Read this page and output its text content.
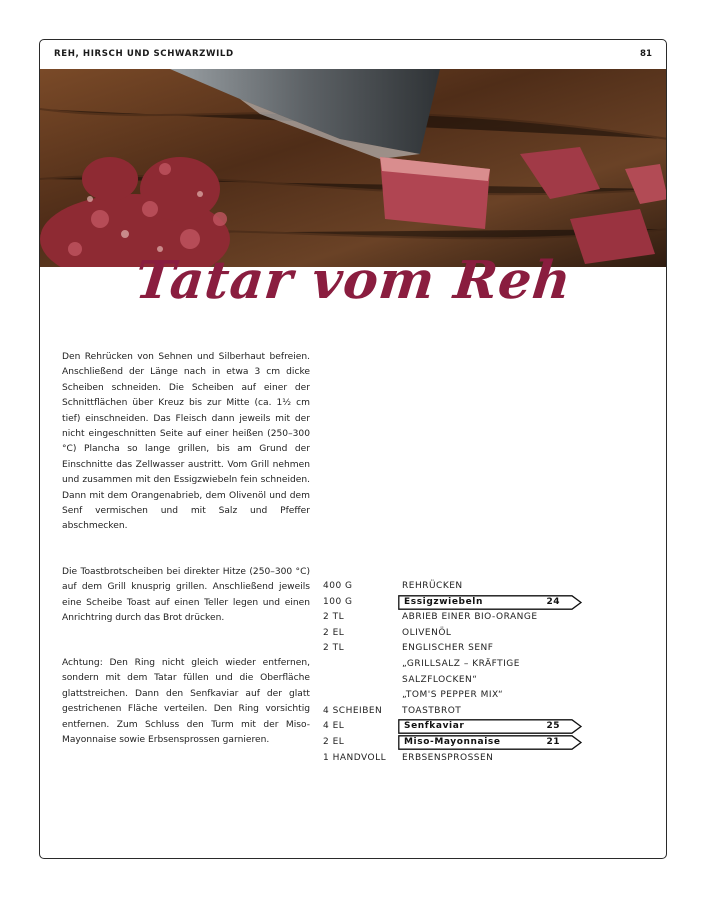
REH, HIRSCH UND SCHWARZWILD	81
Tatar vom Reh
Den Rehrücken von Sehnen und Silberhaut befreien. Anschließend der Länge nach in etwa 3 cm dicke Scheiben schneiden. Die Scheiben auf einer der Schnittflächen über Kreuz bis zur Mitte (ca. 1½ cm tief) einschneiden. Das Fleisch dann jeweils mit der nicht eingeschnitten Seite auf einer heißen (250–300 °C) Plancha so lange grillen, bis am Grund der Einschnitte das Zellwasser austritt. Vom Grill nehmen und zusammen mit den Essigzwiebeln fein schneiden. Dann mit dem Orangenabrieb, dem Olivenöl und dem Senf vermischen und mit Salz und Pfeffer abschmecken.
Die Toastbrotscheiben bei direkter Hitze (250–300 °C) auf dem Grill knusprig grillen. Anschließend jeweils eine Scheibe Toast auf einen Teller legen und einen Anrichtring durch das Brot drücken.
Achtung: Den Ring nicht gleich wieder entfernen, sondern mit dem Tatar füllen und die Oberfläche glattstreichen. Dann den Senfkaviar auf der glatt gestrichenen Fläche verteilen. Den Ring vorsichtig entfernen. Zum Schluss den Turm mit der Miso-Mayonnaise sowie Erbsensprossen garnieren.
400 G	REHRÜCKEN
100 G	Essigzwiebeln	24
2 TL	ABRIEB EINER BIO-ORANGE
2 EL	OLIVENÖL
2 TL	ENGLISCHER SENF
„GRILLSALZ – KRÄFTIGE
SALZFLOCKEN“
„TOM'S PEPPER MIX“
4 SCHEIBEN	TOASTBROT
4 EL	Senfkaviar	25
2 EL	Miso-Mayonnaise	21
1 HANDVOLL	ERBSENSPROSSEN
